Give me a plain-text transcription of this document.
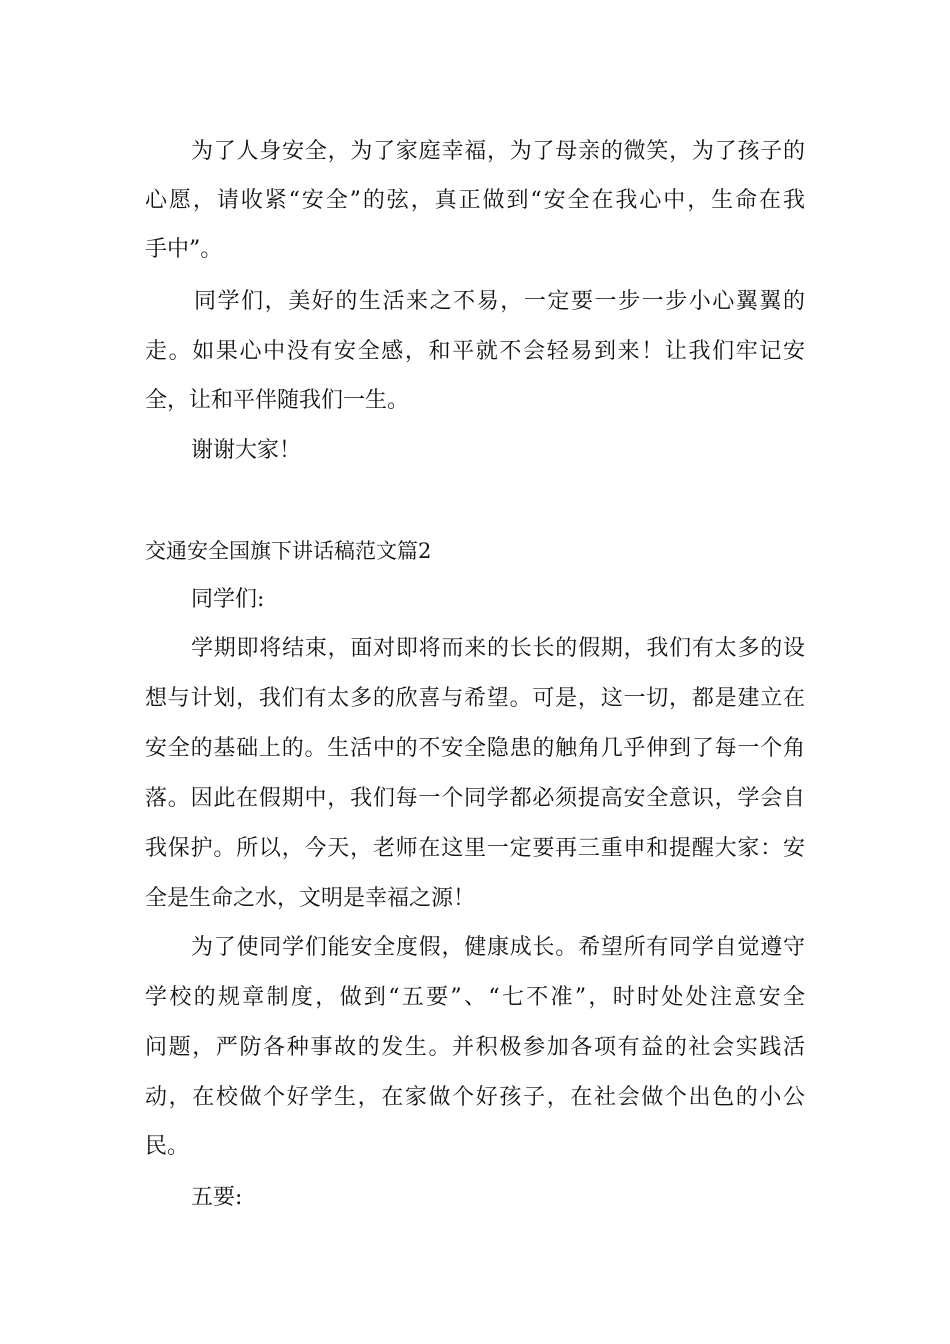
为了人身安全，为了家庭幸福，为了母亲的微笑，为了孩子的
心愿，请收紧“安全”的弦，真正做到“安全在我心中，生命在我
手中”。
同学们，美好的生活来之不易，一定要一步一步小心翼翼的
走。如果心中没有安全感，和平就不会轻易到来！让我们牢记安
全，让和平伴随我们一生。
谢谢大家！
交通安全国旗下讲话稿范文篇2
同学们:
学期即将结束，面对即将而来的长长的假期，我们有太多的设
想与计划，我们有太多的欣喜与希望。可是，这一切，都是建立在
安全的基础上的。生活中的不安全隐患的触角几乎伸到了每一个角
落。因此在假期中，我们每一个同学都必须提高安全意识，学会自
我保护。所以，今天，老师在这里一定要再三重申和提醒大家：安
全是生命之水，文明是幸福之源！
为了使同学们能安全度假，健康成长。希望所有同学自觉遵守
学校的规章制度，做到“五要”、“七不准”，时时处处注意安全
问题，严防各种事故的发生。并积极参加各项有益的社会实践活
动，在校做个好学生，在家做个好孩子，在社会做个出色的小公
民。
五要:
